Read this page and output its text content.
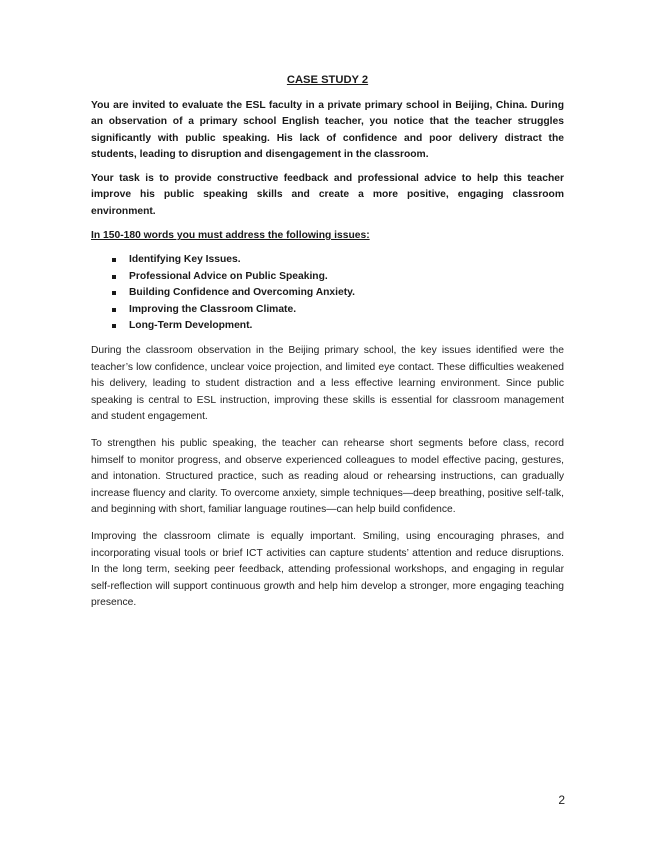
CASE STUDY 2

You are invited to evaluate the ESL faculty in a private primary school in Beijing, China. During an observation of a primary school English teacher, you notice that the teacher struggles significantly with public speaking. His lack of confidence and poor delivery distract the students, leading to disruption and disengagement in the classroom.

Your task is to provide constructive feedback and professional advice to help this teacher improve his public speaking skills and create a more positive, engaging classroom environment.

In 150-180 words you must address the following issues:
Identifying Key Issues.
Professional Advice on Public Speaking.
Building Confidence and Overcoming Anxiety.
Improving the Classroom Climate.
Long-Term Development.

During the classroom observation in the Beijing primary school, the key issues identified were the teacher’s low confidence, unclear voice projection, and limited eye contact. These difficulties weakened his delivery, leading to student distraction and a less effective learning environment. Since public speaking is central to ESL instruction, improving these skills is essential for classroom management and student engagement.

To strengthen his public speaking, the teacher can rehearse short segments before class, record himself to monitor progress, and observe experienced colleagues to model effective pacing, gestures, and intonation. Structured practice, such as reading aloud or rehearsing instructions, can gradually increase fluency and clarity. To overcome anxiety, simple techniques—deep breathing, positive self-talk, and beginning with short, familiar language routines—can help build confidence.

Improving the classroom climate is equally important. Smiling, using encouraging phrases, and incorporating visual tools or brief ICT activities can capture students’ attention and reduce disruptions. In the long term, seeking peer feedback, attending professional workshops, and engaging in regular self-reflection will support continuous growth and help him develop a stronger, more engaging teaching presence.

2
